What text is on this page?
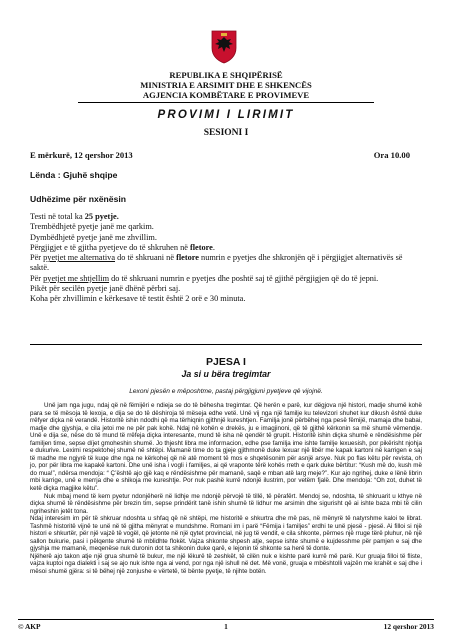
REPUBLIKA E SHQIPËRISË
MINISTRIA E ARSIMIT DHE E SHKENCËS
AGJENCIA KOMBËTARE E PROVIMEVE
PROVIMI I LIRIMIT
SESIONI I
E mërkurë, 12 qershor 2013	Ora 10.00
Lënda : Gjuhë shqipe
Udhëzime për nxënësin

Testi në total ka 25 pyetje.

Trembëdhjetë pyetje janë me qarkim.

Dymbëdhjetë pyetje janë me zhvillim.

Përgjigjet e të gjitha pyetjeve do të shkruhen në fletore.

Për pyetjet me alternativa do të shkruani në fletore numrin e pyetjes dhe shkronjën që i përgjigjet alternativës së saktë.

Për pyetjet me shtjellim do të shkruani numrin e pyetjes dhe poshtë saj të gjithë përgjigjen që do të jepni.

Pikët për secilën pyetje janë dhënë përbri saj.

Koha për zhvillimin e kërkesave të testit është 2 orë e 30 minuta.

PJESA I
Ja si u bëra tregimtar
Lexoni pjesën e mëposhtme, pastaj përgjigjuni pyetjeve që vijojnë.

Unë jam nga jugu, ndaj që në fëmijëri e ndieja se do të bëhesha tregimtar. Që herën e parë, kur dëgjova një histori, madje shumë kohë para se të mësoja të lexoja, e dija se do të dëshiroja të mëseja edhe vetë. Unë vij nga një familje ku televizori shuhet kur dikush është duke rrëfyer diçka në verandë. Historitë ishin ndodhi që ma tërhiqnin gjithnjë kureshtjen. Familja jonë përbëhej nga pesë fëmijë, mamaja dhe babai, madje dhe gjyshja, e cila jetoi me ne për pak kohë. Ndaj në kohën e drekës, ju e imagjinoni, që të gjithë kërkonin sa më shumë vëmendje. Unë e dija se, nëse do të mund të rrëfeja diçka interesante, mund të isha në qendër të grupit. Historitë ishin diçka shumë e rëndësishme për familjen time, sepse díjet gmoheshin shumë. Jo thjesht libra me informacion, edhe pse familja ime ishte familje lexuesish, por pikërisht njohja e dukurive. Leximi respektohej shumë në shtëpi. Mamanë time do ta gjeje gjithmonë duke lexuar një libër me kapak kartoni në karrigen e saj të madhe me ngjyrë të kuqe dhe nga ne kërkohej që në atë moment të mos e shqetësonim për asnjë arsye. Nuk po flas këtu për revista, oh jo, por për libra me kapakë kartoni. Dhe unë isha i vogli i familjes, ai që vraponte tërë kohës rreth e qark duke bërtitur: “Kush më do, kush më do mua!”, ndërsa mendoja: “ Ç’është ajo gjë kaq e rëndësishme për mamanë, saqë e mban atë larg meje?”. Kur ajo ngrihej, duke e lënë librin mbi karrige, unë e merrja dhe e shikoja me kureshtje. Por nuk pashë kurrë ndonjë ilustrim, por vetëm fjalë. Dhe mendoja: “Oh zot, duhet të ketë diçka magjike këtu”.

Nuk mbaj mend të kem pyetur ndonjëherë në lidhje me ndonjë përvojë të tillë, të përafërt. Mendoj se, ndoshta, të shkruarit u kthye në diçka shumë të rëndësishme për brezin tim, sepse prindërit tanë ishin shumë të lidhur me arsimin dhe sigurisht që ai ishte baza mbi të cilin ngriheshin jetët tona.

Ndaj interesim im për të shkruar ndoshta u shfaq që në shtëpi, me historitë e shkurtra dhe më pas, në mënyrë të natyrshme kaloi te librat. Tashmë historitë vijnë te unë në të gjitha mënyrat e mundshme. Romani im i parë “Fëmija i familjes” erdhi te unë pjesë - pjesë. Ai filloi si një histori e shkurtër, për një vajzë të vogël, që jetonte në një qytet provincial, në jug të vendit, e cila shkonte, përmes një rruge tërë pluhur, në një sallon bukurie, pasi i pëlqente shumë të mblidhte flokët. Vajza shkonte shpesh atje, sepse ishte shumë e kujdesshme për pamjen e saj dhe gjyshja me mamanë, meqenëse nuk duronin dot ta shikonin duke qarë, e lejonin të shkonte sa herë të donte.

Njëherë ajo takon atje një grua shumë të bukur, me një lëkurë të zeshkët, të cilën nuk e kishte parë kurrë më parë. Kur gruaja filloi të fliste, vajza kuptoi nga dialekti i saj se ajo nuk ishte nga ai vend, por nga një ishull në det. Më vonë, gruaja e mbështolli vajzën me krahët e saj dhe i mësoi shumë gjëra: si të bëhej një zonjushe e vërtetë, të bënte pyetje, të njihte botën.

© AKP	1	12 qershor 2013
